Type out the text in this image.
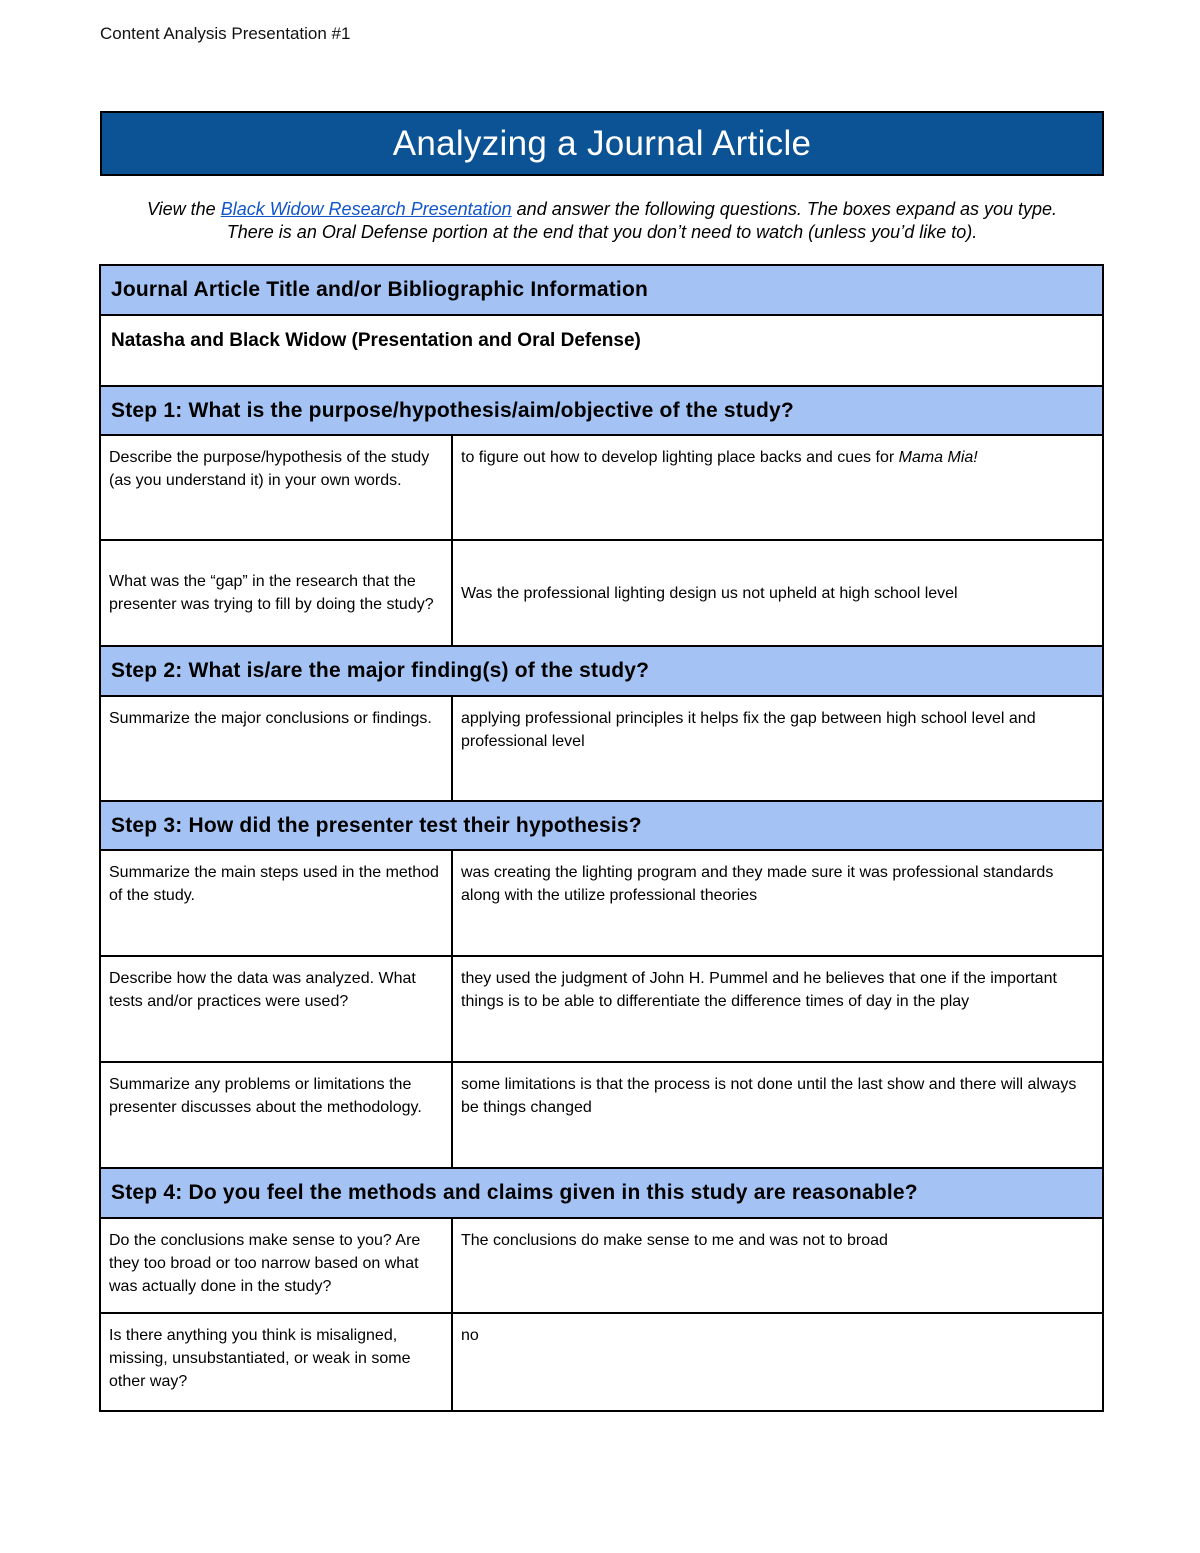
Content Analysis Presentation #1
Analyzing a Journal Article
View the Black Widow Research Presentation and answer the following questions. The boxes expand as you type.
There is an Oral Defense portion at the end that you don’t need to watch (unless you’d like to).
Journal Article Title and/or Bibliographic Information	
Natasha and Black Widow (Presentation and Oral Defense)	
Step 1: What is the purpose/hypothesis/aim/objective of the study?	
Describe the purpose/hypothesis of the study (as you understand it) in your own words.	to figure out how to develop lighting place backs and cues for Mama Mia!
What was the “gap” in the research that the presenter was trying to fill by doing the study?	Was the professional lighting design us not upheld at high school level
Step 2: What is/are the major finding(s) of the study?	
Summarize the major conclusions or findings.	applying professional principles it helps fix the gap between high school level and professional level
Step 3: How did the presenter test their hypothesis?	
Summarize the main steps used in the method of the study.	was creating the lighting program and they made sure it was professional standards along with the utilize professional theories
Describe how the data was analyzed. What tests and/or practices were used?	they used the judgment of John H. Pummel and he believes that one if the important things is to be able to differentiate the difference times of day in the play
Summarize any problems or limitations the presenter discusses about the methodology.	some limitations is that the process is not done until the last show and there will always be things changed
Step 4: Do you feel the methods and claims given in this study are reasonable?	
Do the conclusions make sense to you? Are they too broad or too narrow based on what was actually done in the study?	The conclusions do make sense to me and was not to broad
Is there anything you think is misaligned, missing, unsubstantiated, or weak in some other way?	no
